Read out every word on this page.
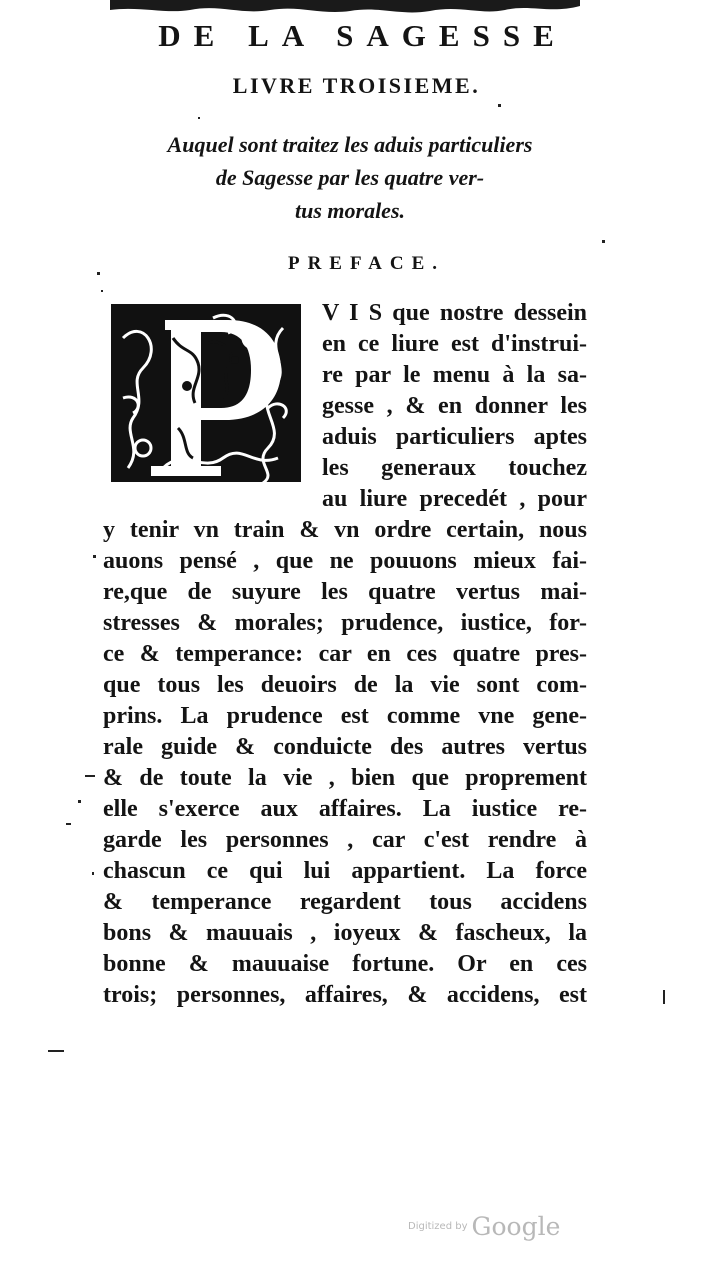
DE LA SAGESSE
LIVRE TROISIEME.
Auquel sont traitez les aduis particuliers
de Sagesse par les quatre ver-
tus morales.
PREFACE.
V I S que nostre dessein
en ce liure est d'instrui-
re par le menu à la sa-
gesse , & en donner les
aduis particuliers aptes
les generaux touchez
au liure precedét , pour
y tenir vn train & vn ordre certain, nous
auons pensé , que ne pouuons mieux fai-
re,que de suyure les quatre vertus mai-
stresses & morales; prudence, iustice, for-
ce & temperance: car en ces quatre pres-
que tous les deuoirs de la vie sont com-
prins. La prudence est comme vne gene-
rale guide & conduicte des autres vertus
& de toute la vie , bien que proprement
elle s'exerce aux affaires. La iustice re-
garde les personnes , car c'est rendre à
chascun ce qui lui appartient. La force
& temperance regardent tous accidens
bons & mauuais , ioyeux & fascheux, la
bonne & mauuaise fortune. Or en ces
trois; personnes, affaires, & accidens, est
Digitized by Google
